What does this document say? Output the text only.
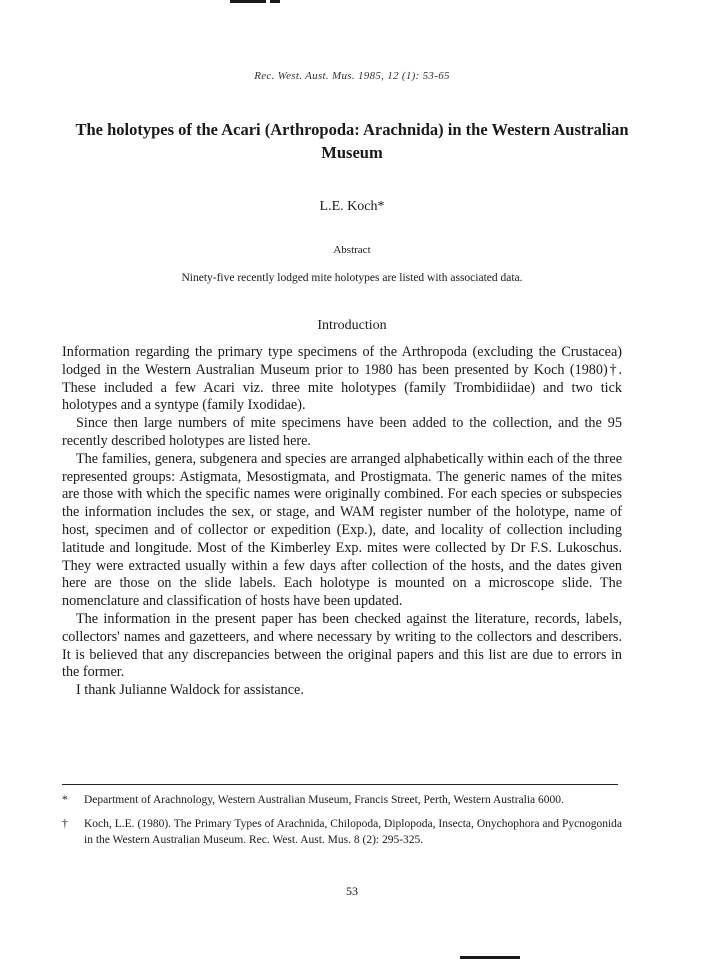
Rec. West. Aust. Mus. 1985, 12 (1): 53-65
The holotypes of the Acari (Arthropoda: Arachnida) in the Western Australian Museum
L.E. Koch*
Abstract
Ninety-five recently lodged mite holotypes are listed with associated data.
Introduction

Information regarding the primary type specimens of the Arthropoda (excluding the Crustacea) lodged in the Western Australian Museum prior to 1980 has been presented by Koch (1980)†. These included a few Acari viz. three mite holotypes (family Trombidiidae) and two tick holotypes and a syntype (family Ixodidae).

Since then large numbers of mite specimens have been added to the collection, and the 95 recently described holotypes are listed here.

The families, genera, subgenera and species are arranged alphabetically within each of the three represented groups: Astigmata, Mesostigmata, and Prostigmata. The generic names of the mites are those with which the specific names were originally combined. For each species or subspecies the information includes the sex, or stage, and WAM register number of the holotype, name of host, specimen and of collector or expedition (Exp.), date, and locality of collection including latitude and longitude. Most of the Kimberley Exp. mites were collected by Dr F.S. Lukoschus. They were extracted usually within a few days after collection of the hosts, and the dates given here are those on the slide labels. Each holotype is mounted on a microscope slide. The nomenclature and classification of hosts have been updated.

The information in the present paper has been checked against the literature, records, labels, collectors' names and gazetteers, and where necessary by writing to the collectors and describers. It is believed that any discrepancies between the original papers and this list are due to errors in the former.

I thank Julianne Waldock for assistance.

* Department of Arachnology, Western Australian Museum, Francis Street, Perth, Western Australia 6000.
† Koch, L.E. (1980). The Primary Types of Arachnida, Chilopoda, Diplopoda, Insecta, Onychophora and Pycnogonida in the Western Australian Museum. Rec. West. Aust. Mus. 8 (2): 295-325.
53
